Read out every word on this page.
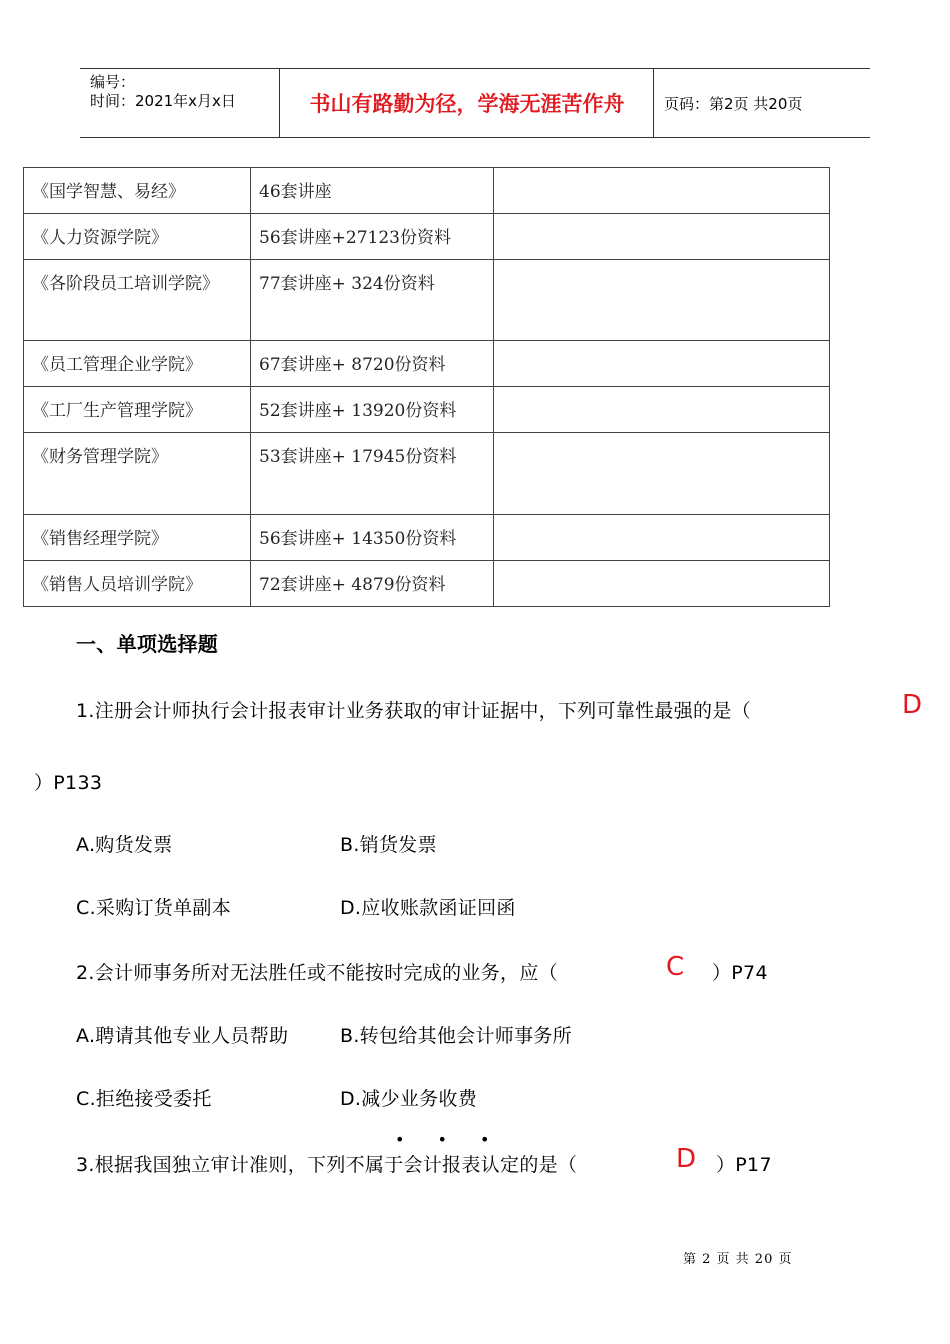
编号：
时间：2021年x月x日	书山有路勤为径，学海无涯苦作舟	页码：第2页 共20页
《国学智慧、易经》	46套讲座	
《人力资源学院》	56套讲座+27123份资料	

《各阶段员工培训学院》	77套讲座+ 324份资料	
《员工管理企业学院》	67套讲座+ 8720份资料	
《工厂生产管理学院》	52套讲座+ 13920份资料	
《财务管理学院》	53套讲座+ 17945份资料	

《销售经理学院》	56套讲座+ 14350份资料	
《销售人员培训学院》	72套讲座+ 4879份资料	
一、单项选择题
1.注册会计师执行会计报表审计业务获取的审计证据中，下列可靠性最强的是（	D
）P133
A.购货发票	B.销货发票
C.采购订货单副本	D.应收账款函证回函
2.会计师事务所对无法胜任或不能按时完成的业务，应（	C ）P74
A.聘请其他专业人员帮助	B.转包给其他会计师事务所
C.拒绝接受委托	D.减少业务收费
• • •
3.根据我国独立审计准则，下列不属于会计报表认定的是（	D ）P17
第 2 页 共 20 页
